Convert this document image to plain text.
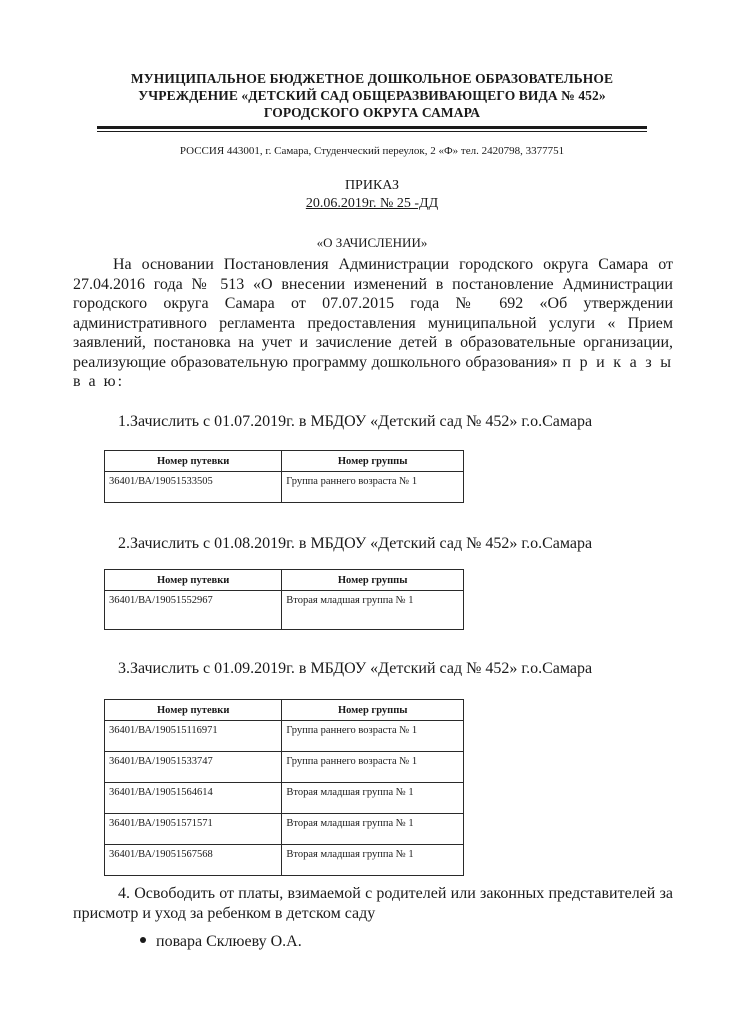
МУНИЦИПАЛЬНОЕ БЮДЖЕТНОЕ ДОШКОЛЬНОЕ ОБРАЗОВАТЕЛЬНОЕ
УЧРЕЖДЕНИЕ «ДЕТСКИЙ САД ОБЩЕРАЗВИВАЮЩЕГО ВИДА № 452»
ГОРОДСКОГО ОКРУГА САМАРА
РОССИЯ 443001, г. Самара, Студенческий переулок, 2 «Ф» тел. 2420798, 3377751
ПРИКАЗ
20.06.2019г. № 25 -ДД
«О ЗАЧИСЛЕНИИ»
На основании Постановления Администрации городского округа Самара от 27.04.2016 года № 513 «О внесении изменений в постановление Администрации городского округа Самара от 07.07.2015 года № 692 «Об утверждении административного регламента предоставления муниципальной услуги « Прием заявлений, постановка на учет и зачисление детей в образовательные организации, реализующие образовательную программу дошкольного образования» п р и к а з ы в а ю:
1.Зачислить с 01.07.2019г. в МБДОУ «Детский сад № 452» г.о.Самара
Номер путевки	Номер группы
36401/ВА/19051533505	Группа раннего возраста № 1
2.Зачислить с 01.08.2019г. в МБДОУ «Детский сад № 452» г.о.Самара
Номер путевки	Номер группы
36401/ВА/19051552967	Вторая младшая группа № 1
3.Зачислить с 01.09.2019г. в МБДОУ «Детский сад № 452» г.о.Самара
Номер путевки	Номер группы
36401/ВА/190515116971	Группа раннего возраста № 1
36401/ВА/19051533747	Группа раннего возраста № 1
36401/ВА/19051564614	Вторая младшая группа № 1
36401/ВА/19051571571	Вторая младшая группа № 1
36401/ВА/19051567568	Вторая младшая группа № 1
4. Освободить от платы, взимаемой с родителей или законных представителей за присмотр и уход за ребенком в детском саду
повара Склюеву О.А.
